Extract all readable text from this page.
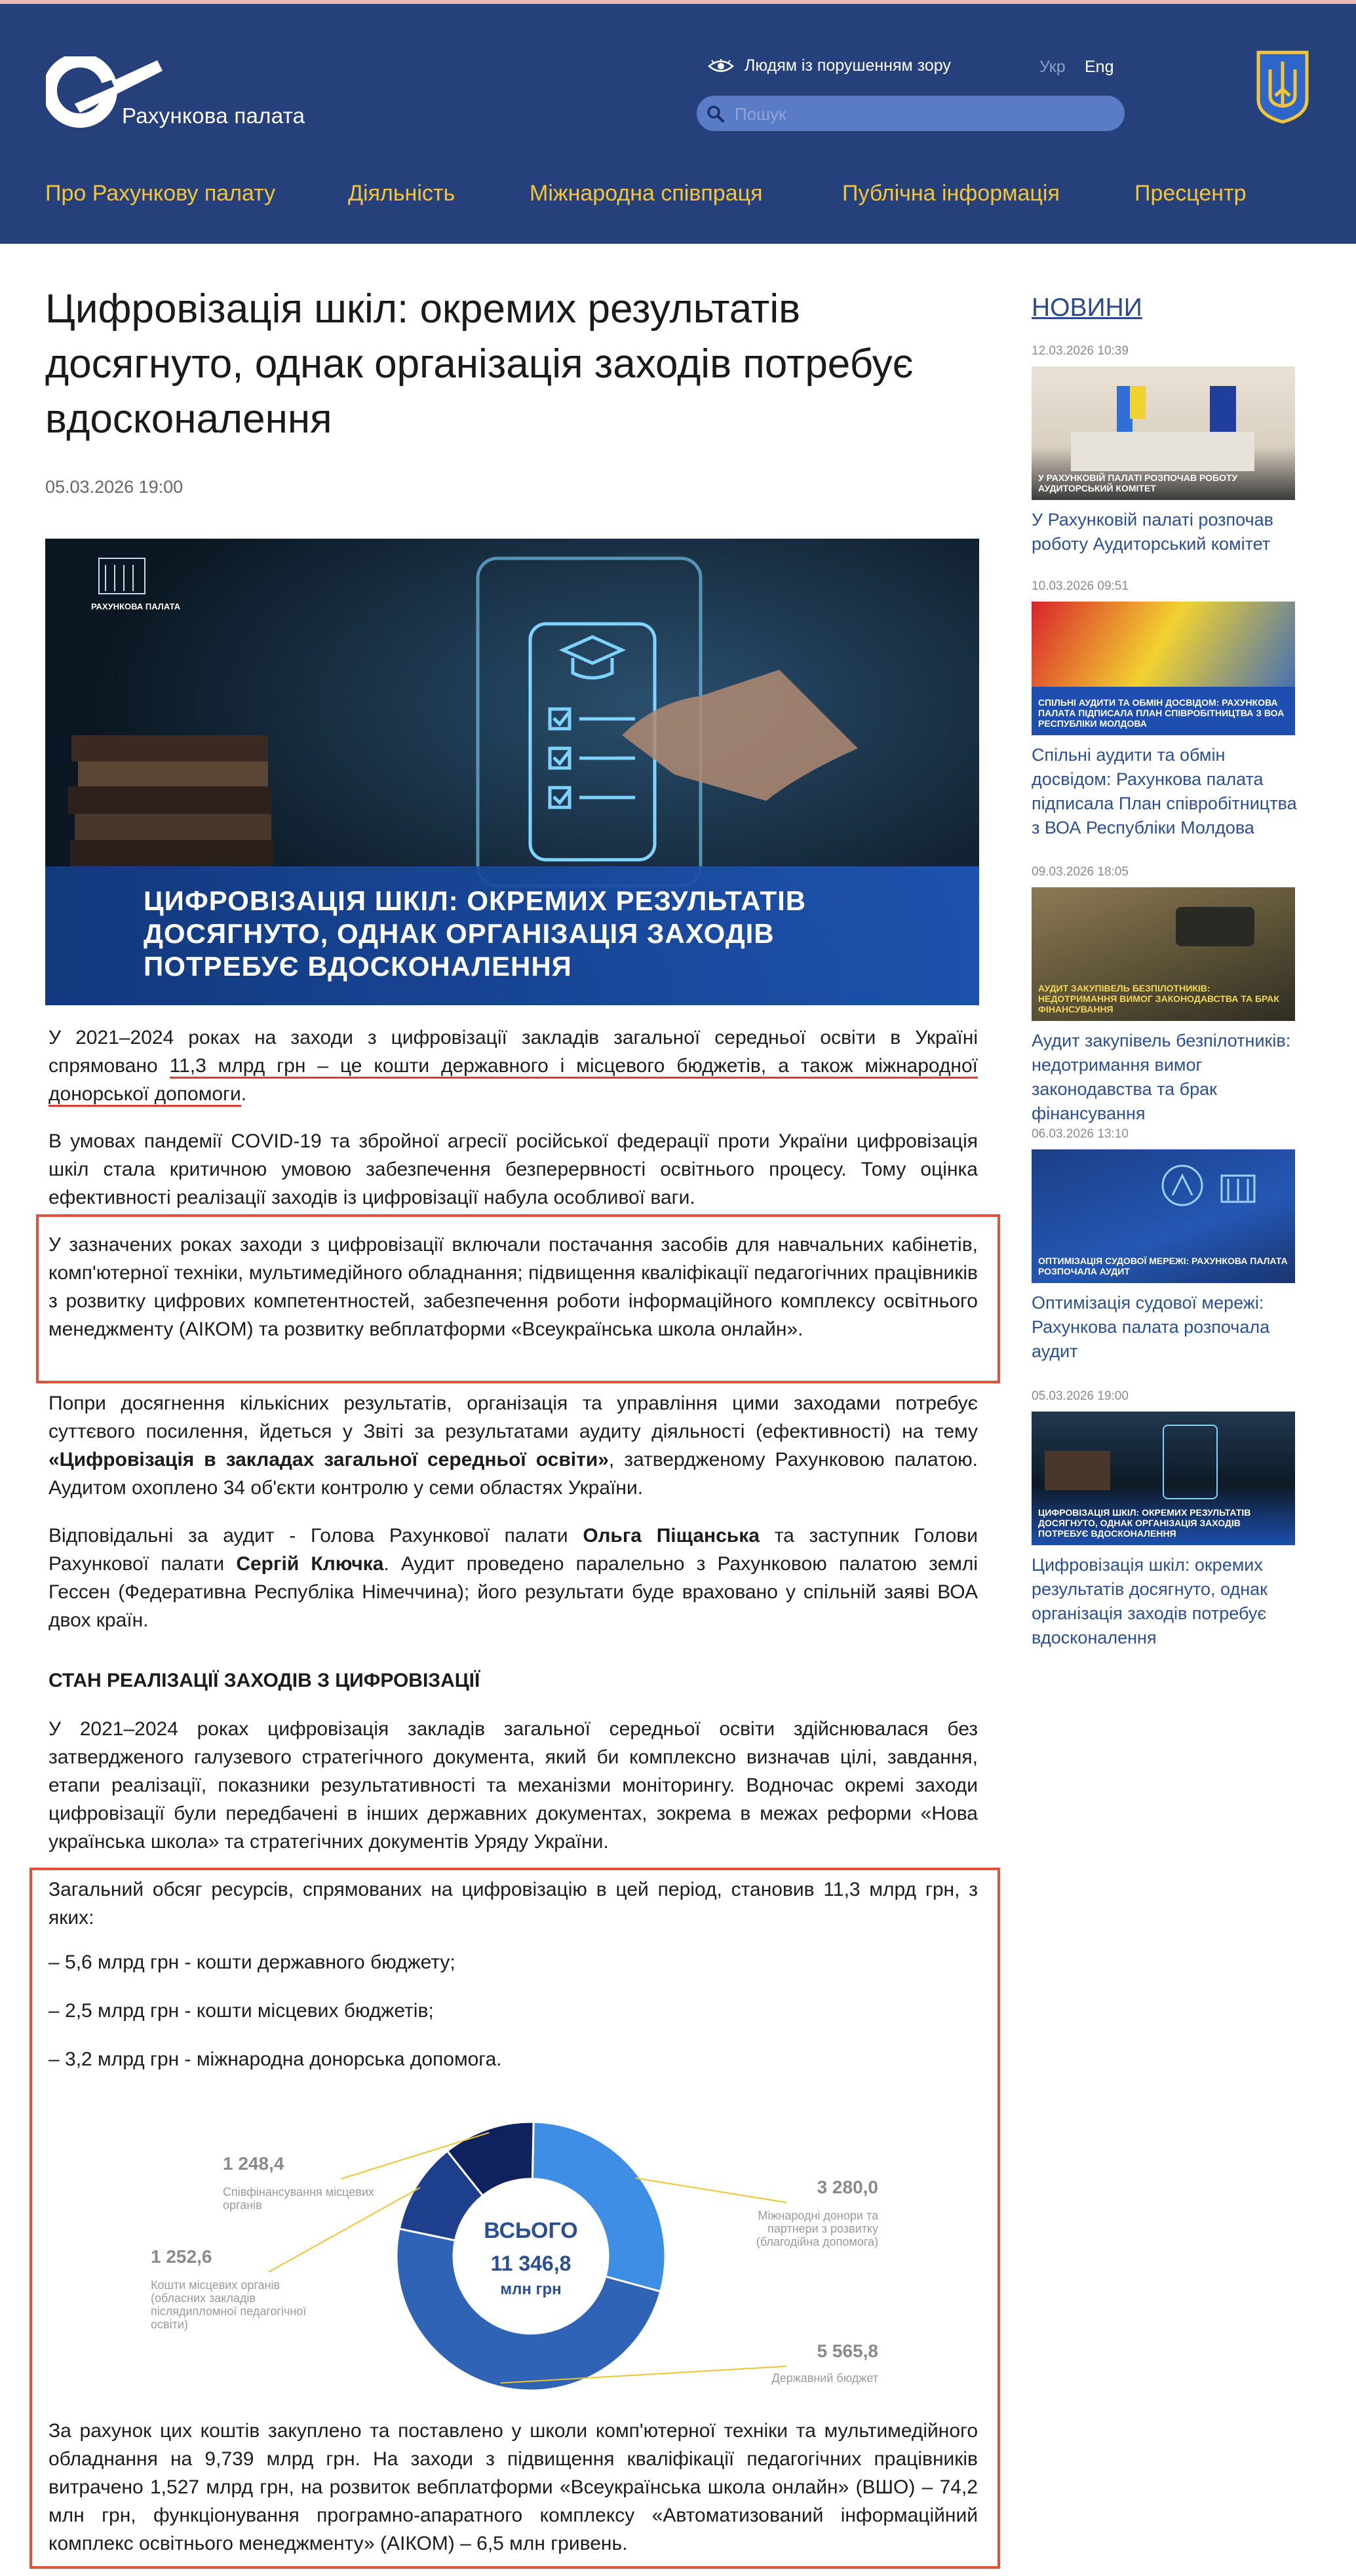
Рахункова палата
Людям із порушенням зору	Укр Eng
Пошук
Про Рахункову палату	Діяльність	Міжнародна співпраця	Публічна інформація	Пресцентр
Цифровізація шкіл: окремих результатів досягнуто, однак організація заходів потребує вдосконалення
05.03.2026 19:00
РАХУНКОВА ПАЛАТА
ЦИФРОВІЗАЦІЯ ШКІЛ: ОКРЕМИХ РЕЗУЛЬТАТІВ ДОСЯГНУТО, ОДНАК ОРГАНІЗАЦІЯ ЗАХОДІВ ПОТРЕБУЄ ВДОСКОНАЛЕННЯ

У 2021–2024 роках на заходи з цифровізації закладів загальної середньої освіти в Україні спрямовано 11,3 млрд грн – це кошти державного і місцевого бюджетів, а також міжнародної донорської допомоги.

В умовах пандемії COVID-19 та збройної агресії російської федерації проти України цифровізація шкіл стала критичною умовою забезпечення безперервності освітнього процесу. Тому оцінка ефективності реалізації заходів із цифровізації набула особливої ваги.

У зазначених роках заходи з цифровізації включали постачання засобів для навчальних кабінетів, комп'ютерної техніки, мультимедійного обладнання; підвищення кваліфікації педагогічних працівників з розвитку цифрових компетентностей, забезпечення роботи інформаційного комплексу освітнього менеджменту (АІКОМ) та розвитку вебплатформи «Всеукраїнська школа онлайн».

Попри досягнення кількісних результатів, організація та управління цими заходами потребує суттєвого посилення, йдеться у Звіті за результатами аудиту діяльності (ефективності) на тему «Цифровізація в закладах загальної середньої освіти», затвердженому Рахунковою палатою. Аудитом охоплено 34 об'єкти контролю у семи областях України.

Відповідальні за аудит - Голова Рахункової палати Ольга Піщанська та заступник Голови Рахункової палати Сергій Ключка. Аудит проведено паралельно з Рахунковою палатою землі Гессен (Федеративна Республіка Німеччина); його результати буде враховано у спільній заяві ВОА двох країн.

СТАН РЕАЛІЗАЦІЇ ЗАХОДІВ З ЦИФРОВІЗАЦІЇ

У 2021–2024 роках цифровізація закладів загальної середньої освіти здійснювалася без затвердженого галузевого стратегічного документа, який би комплексно визначав цілі, завдання, етапи реалізації, показники результативності та механізми моніторингу. Водночас окремі заходи цифровізації були передбачені в інших державних документах, зокрема в межах реформи «Нова українська школа» та стратегічних документів Уряду України.

Загальний обсяг ресурсів, спрямованих на цифровізацію в цей період, становив 11,3 млрд грн, з яких:

– 5,6 млрд грн - кошти державного бюджету;

– 2,5 млрд грн - кошти місцевих бюджетів;

– 3,2 млрд грн - міжнародна донорська допомога.

3 280,0
Міжнародні донори та
партнери з розвитку
(благодійна допомога)
5 565,8
Державний бюджет
1 252,6
Кошти місцевих органів
(обласних закладів
післядипломної педагогічної
освіти)
1 248,4
Співфінансування місцевих
органів
ВСЬОГО
11 346,8
млн грн

За рахунок цих коштів закуплено та поставлено у школи комп'ютерної техніки та мультимедійного обладнання на 9,739 млрд грн. На заходи з підвищення кваліфікації педагогічних працівників витрачено 1,527 млрд грн, на розвиток вебплатформи «Всеукраїнська школа онлайн» (ВШО) – 74,2 млн грн, функціонування програмно-апаратного комплексу «Автоматизований інформаційний комплекс освітнього менеджменту» (АІКОМ) – 6,5 млн гривень.

НОВИНИ
12.03.2026 10:39
У РАХУНКОВІЙ ПАЛАТІ РОЗПОЧАВ РОБОТУ АУДИТОРСЬКИЙ КОМІТЕТ
У Рахунковій палаті розпочав роботу Аудиторський комітет
10.03.2026 09:51
СПІЛЬНІ АУДИТИ ТА ОБМІН ДОСВІДОМ: РАХУНКОВА ПАЛАТА ПІДПИСАЛА ПЛАН СПІВРОБІТНИЦТВА З ВОА РЕСПУБЛІКИ МОЛДОВА
Спільні аудити та обмін досвідом: Рахункова палата підписала План співробітництва з ВОА Республіки Молдова
09.03.2026 18:05
АУДИТ ЗАКУПІВЕЛЬ БЕЗПІЛОТНИКІВ: НЕДОТРИМАННЯ ВИМОГ ЗАКОНОДАВСТВА ТА БРАК ФІНАНСУВАННЯ
Аудит закупівель безпілотників: недотримання вимог законодавства та брак фінансування
06.03.2026 13:10
ОПТИМІЗАЦІЯ СУДОВОЇ МЕРЕЖІ: РАХУНКОВА ПАЛАТА РОЗПОЧАЛА АУДИТ
Оптимізація судової мережі: Рахункова палата розпочала аудит
05.03.2026 19:00
ЦИФРОВІЗАЦІЯ ШКІЛ: ОКРЕМИХ РЕЗУЛЬТАТІВ ДОСЯГНУТО, ОДНАК ОРГАНІЗАЦІЯ ЗАХОДІВ ПОТРЕБУЄ ВДОСКОНАЛЕННЯ
Цифровізація шкіл: окремих результатів досягнуто, однак організація заходів потребує вдосконалення
